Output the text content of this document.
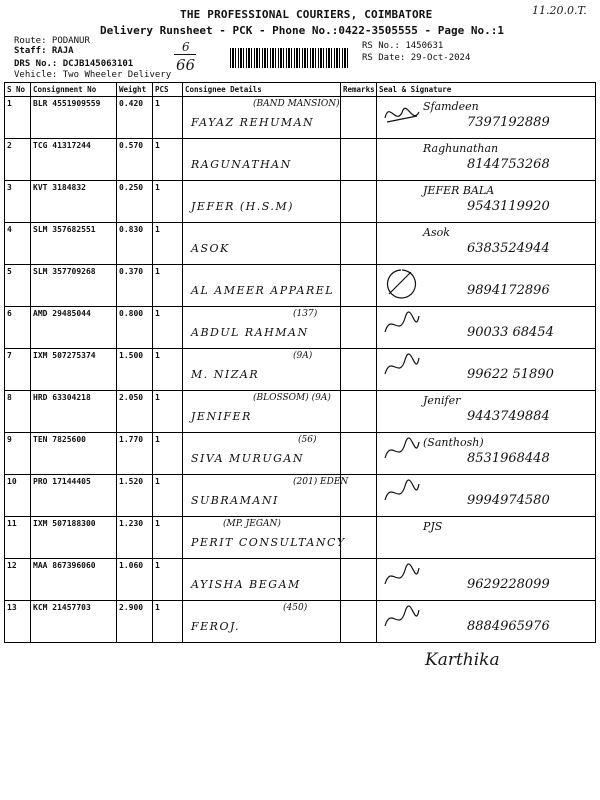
11.20.0.T.
THE PROFESSIONAL COURIERS, COIMBATORE
Delivery Runsheet - PCK - Phone No.:0422-3505555 - Page No.:1
Route: PODANUR
Staff: RAJA
DRS No.: DCJB145063101
Vehicle: Two Wheeler Delivery
6
66
RS No.: 1450631
RS Date: 29-Oct-2024
S No	Consignment No	Weight	PCS	Consignee Details	Remarks	Seal & Signature
1	BLR 4551909559	0.420	1	(BAND MANSION)
FAYAZ REHUMAN		Sfamdeen
7397192889

2	TCG 41317244	0.570	1	RAGUNATHAN		Raghunathan
8144753268

3	KVT 3184832	0.250	1	JEFER (H.S.M)		JEFER BALA
9543119920

4	SLM 357682551	0.830	1	ASOK		Asok
6383524944

5	SLM 357709268	0.370	1	AL AMEER APPAREL		9894172896

6	AMD 29485044	0.800	1	(137)
ABDUL RAHMAN		90033 68454

7	IXM 507275374	1.500	1	(9A)
M. NIZAR		99622 51890

8	HRD 63304218	2.050	1	(BLOSSOM) (9A)
JENIFER		Jenifer
9443749884

9	TEN 7825600	1.770	1	(56)
SIVA MURUGAN		(Santhosh)
8531968448

10	PRO 17144405	1.520	1	(201) EDEN
SUBRAMANI		9994974580

11	IXM 507188300	1.230	1	(MP. JEGAN)
PERIT CONSULTANCY		PJS

12	MAA 867396060	1.060	1	AYISHA BEGAM		9629228099

13	KCM 21457703	2.900	1	(450)
FEROJ.		8884965976
Karthika
